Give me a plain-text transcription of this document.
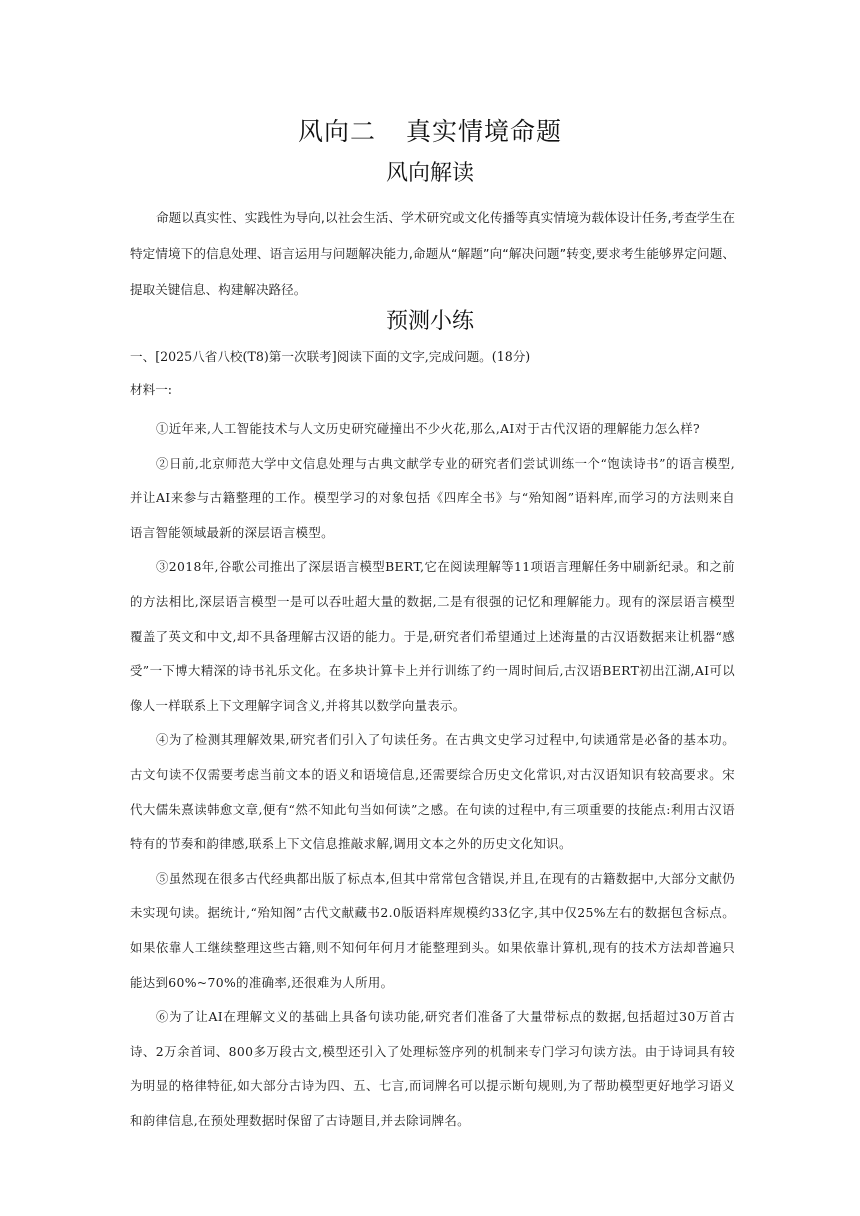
风向二 真实情境命题
风向解读
命题以真实性、实践性为导向,以社会生活、学术研究或文化传播等真实情境为载体设计任务,考查学生在特定情境下的信息处理、语言运用与问题解决能力,命题从“解题”向“解决问题”转变,要求考生能够界定问题、提取关键信息、构建解决路径。
预测小练
一、[2025八省八校(T8)第一次联考]阅读下面的文字,完成问题。(18分)
材料一:

①近年来,人工智能技术与人文历史研究碰撞出不少火花,那么,AI对于古代汉语的理解能力怎么样?

②日前,北京师范大学中文信息处理与古典文献学专业的研究者们尝试训练一个“饱读诗书”的语言模型,并让AI来参与古籍整理的工作。模型学习的对象包括《四库全书》与“殆知阁”语料库,而学习的方法则来自语言智能领域最新的深层语言模型。

③2018年,谷歌公司推出了深层语言模型BERT,它在阅读理解等11项语言理解任务中刷新纪录。和之前的方法相比,深层语言模型一是可以吞吐超大量的数据,二是有很强的记忆和理解能力。现有的深层语言模型覆盖了英文和中文,却不具备理解古汉语的能力。于是,研究者们希望通过上述海量的古汉语数据来让机器“感受”一下博大精深的诗书礼乐文化。在多块计算卡上并行训练了约一周时间后,古汉语BERT初出江湖,AI可以像人一样联系上下文理解字词含义,并将其以数学向量表示。

④为了检测其理解效果,研究者们引入了句读任务。在古典文史学习过程中,句读通常是必备的基本功。古文句读不仅需要考虑当前文本的语义和语境信息,还需要综合历史文化常识,对古汉语知识有较高要求。宋代大儒朱熹读韩愈文章,便有“然不知此句当如何读”之感。在句读的过程中,有三项重要的技能点:利用古汉语特有的节奏和韵律感,联系上下文信息推敲求解,调用文本之外的历史文化知识。

⑤虽然现在很多古代经典都出版了标点本,但其中常常包含错误,并且,在现有的古籍数据中,大部分文献仍未实现句读。据统计,“殆知阁”古代文献藏书2.0版语料库规模约33亿字,其中仅25%左右的数据包含标点。如果依靠人工继续整理这些古籍,则不知何年何月才能整理到头。如果依靠计算机,现有的技术方法却普遍只能达到60%~70%的准确率,还很难为人所用。

⑥为了让AI在理解文义的基础上具备句读功能,研究者们准备了大量带标点的数据,包括超过30万首古诗、2万余首词、800多万段古文,模型还引入了处理标签序列的机制来专门学习句读方法。由于诗词具有较为明显的格律特征,如大部分古诗为四、五、七言,而词牌名可以提示断句规则,为了帮助模型更好地学习语义和韵律信息,在预处理数据时保留了古诗题目,并去除词牌名。
